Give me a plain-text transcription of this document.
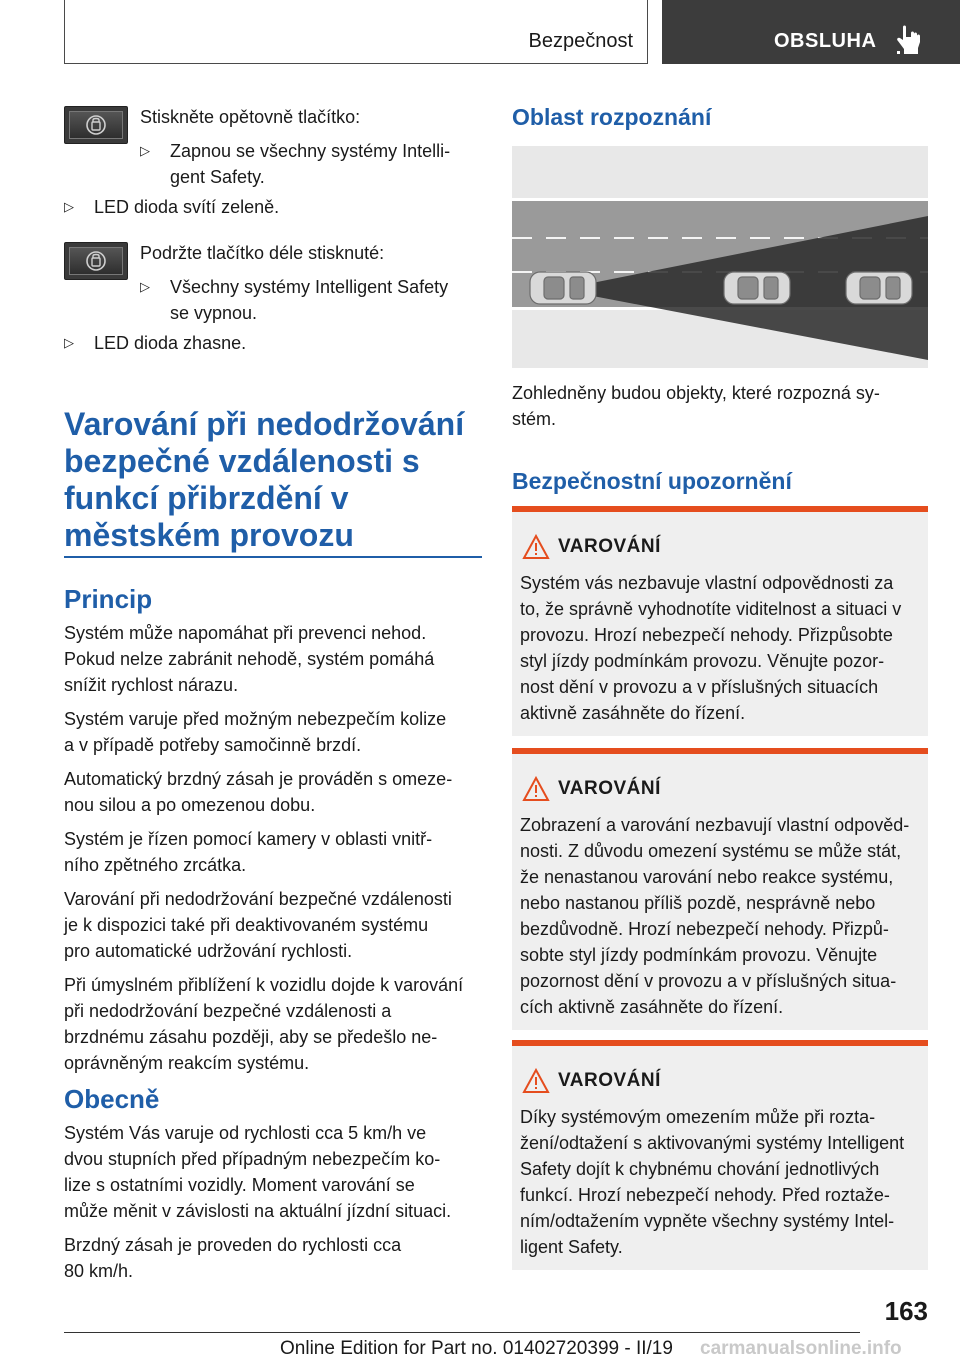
Bezpečnost	OBSLUHA

Stiskněte opětovně tlačítko:

▷ Zapnou se všechny systémy Intelli-
gent Safety.
▷ LED dioda svítí zeleně.

Podržte tlačítko déle stisknuté:

▷ Všechny systémy Intelligent Safety
se vypnou.
▷ LED dioda zhasne.
Varování při nedodržování
bezpečné vzdálenosti s
funkcí přibrzdění v
městském provozu
Princip

Systém může napomáhat při prevenci nehod.
Pokud nelze zabránit nehodě, systém pomáhá
snížit rychlost nárazu.

Systém varuje před možným nebezpečím kolize
a v případě potřeby samočinně brzdí.

Automatický brzdný zásah je prováděn s omeze-
nou silou a po omezenou dobu.

Systém je řízen pomocí kamery v oblasti vnitř-
ního zpětného zrcátka.

Varování při nedodržování bezpečné vzdálenosti
je k dispozici také při deaktivovaném systému
pro automatické udržování rychlosti.

Při úmyslném přiblížení k vozidlu dojde k varování
při nedodržování bezpečné vzdálenosti a
brzdnému zásahu později, aby se předešlo ne-
oprávněným reakcím systému.

Obecně

Systém Vás varuje od rychlosti cca 5 km/h ve
dvou stupních před případným nebezpečím ko-
lize s ostatními vozidly. Moment varování se
může měnit v závislosti na aktuální jízdní situaci.

Brzdný zásah je proveden do rychlosti cca
80 km/h.

Oblast rozpoznání

Zohledněny budou objekty, které rozpozná sy-
stém.

Bezpečnostní upozornění
VAROVÁNÍ
Systém vás nezbavuje vlastní odpovědnosti za
to, že správně vyhodnotíte viditelnost a situaci v
provozu. Hrozí nebezpečí nehody. Přizpůsobte
styl jízdy podmínkám provozu. Věnujte pozor-
nost dění v provozu a v příslušných situacích
aktivně zasáhněte do řízení.
VAROVÁNÍ
Zobrazení a varování nezbavují vlastní odpověd-
nosti. Z důvodu omezení systému se může stát,
že nenastanou varování nebo reakce systému,
nebo nastanou příliš pozdě, nesprávně nebo
bezdůvodně. Hrozí nebezpečí nehody. Přizpů-
sobte styl jízdy podmínkám provozu. Věnujte
pozornost dění v provozu a v příslušných situa-
cích aktivně zasáhněte do řízení.
VAROVÁNÍ
Díky systémovým omezením může při rozta-
žení/odtažení s aktivovanými systémy Intelligent
Safety dojít k chybnému chování jednotlivých
funkcí. Hrozí nebezpečí nehody. Před roztaže-
ním/odtažením vypněte všechny systémy Intel-
ligent Safety.
163
Online Edition for Part no. 01402720399 - II/19 carmanualsonline.info
